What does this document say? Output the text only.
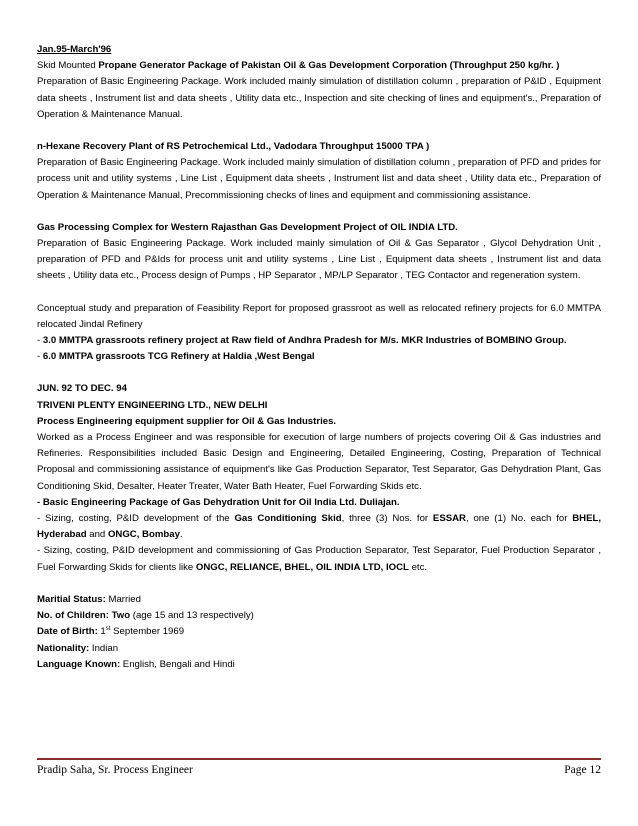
Jan.95-March'96

Skid Mounted Propane Generator Package of Pakistan Oil & Gas Development Corporation (Throughput 250 kg/hr. )

Preparation of Basic Engineering Package. Work included mainly simulation of distillation column , preparation of P&ID , Equipment data sheets , Instrument list and data sheets , Utility data etc., Inspection and site checking of lines and equipment's., Preparation of Operation & Maintenance Manual.

n-Hexane Recovery Plant of RS Petrochemical Ltd., Vadodara Throughput 15000 TPA )

Preparation of Basic Engineering Package. Work included mainly simulation of distillation column , preparation of PFD and prides for process unit and utility systems , Line List , Equipment data sheets , Instrument list and data sheet , Utility data etc., Preparation of Operation & Maintenance Manual, Precommissioning checks of lines and equipment and commissioning assistance.

Gas Processing Complex for Western Rajasthan Gas Development Project of OIL INDIA LTD.

Preparation of Basic Engineering Package. Work included mainly simulation of Oil & Gas Separator , Glycol Dehydration Unit , preparation of PFD and P&Ids for process unit and utility systems , Line List , Equipment data sheets , Instrument list and data sheets , Utility data etc., Process design of Pumps , HP Separator , MP/LP Separator , TEG Contactor and regeneration system.

Conceptual study and preparation of Feasibility Report for proposed grassroot as well as relocated refinery projects for 6.0 MMTPA relocated Jindal Refinery

- 3.0 MMTPA grassroots refinery project at Raw field of Andhra Pradesh for M/s. MKR Industries of BOMBINO Group.

- 6.0 MMTPA grassroots TCG Refinery at Haldia ,West Bengal

JUN. 92 TO DEC. 94

TRIVENI PLENTY ENGINEERING LTD., NEW DELHI

Process Engineering equipment supplier for Oil & Gas Industries.

Worked as a Process Engineer and was responsible for execution of large numbers of projects covering Oil & Gas industries and Refineries. Responsibilities included Basic Design and Engineering, Detailed Engineering, Costing, Preparation of Technical Proposal and commissioning assistance of equipment's like Gas Production Separator, Test Separator, Gas Dehydration Plant, Gas Conditioning Skid, Desalter, Heater Treater, Water Bath Heater, Fuel Forwarding Skids etc.

- Basic Engineering Package of Gas Dehydration Unit for Oil India Ltd. Duliajan.

- Sizing, costing, P&ID development of the Gas Conditioning Skid, three (3) Nos. for ESSAR, one (1) No. each for BHEL, Hyderabad and ONGC, Bombay.

- Sizing, costing, P&ID development and commissioning of Gas Production Separator, Test Separator, Fuel Production Separator , Fuel Forwarding Skids for clients like ONGC, RELIANCE, BHEL, OIL INDIA LTD, IOCL etc.

Maritial Status: Married

No. of Children: Two (age 15 and 13 respectively)

Date of Birth: 1st September 1969

Nationality: Indian

Language Known: English, Bengali and Hindi

Pradip Saha, Sr. Process Engineer	Page 12
